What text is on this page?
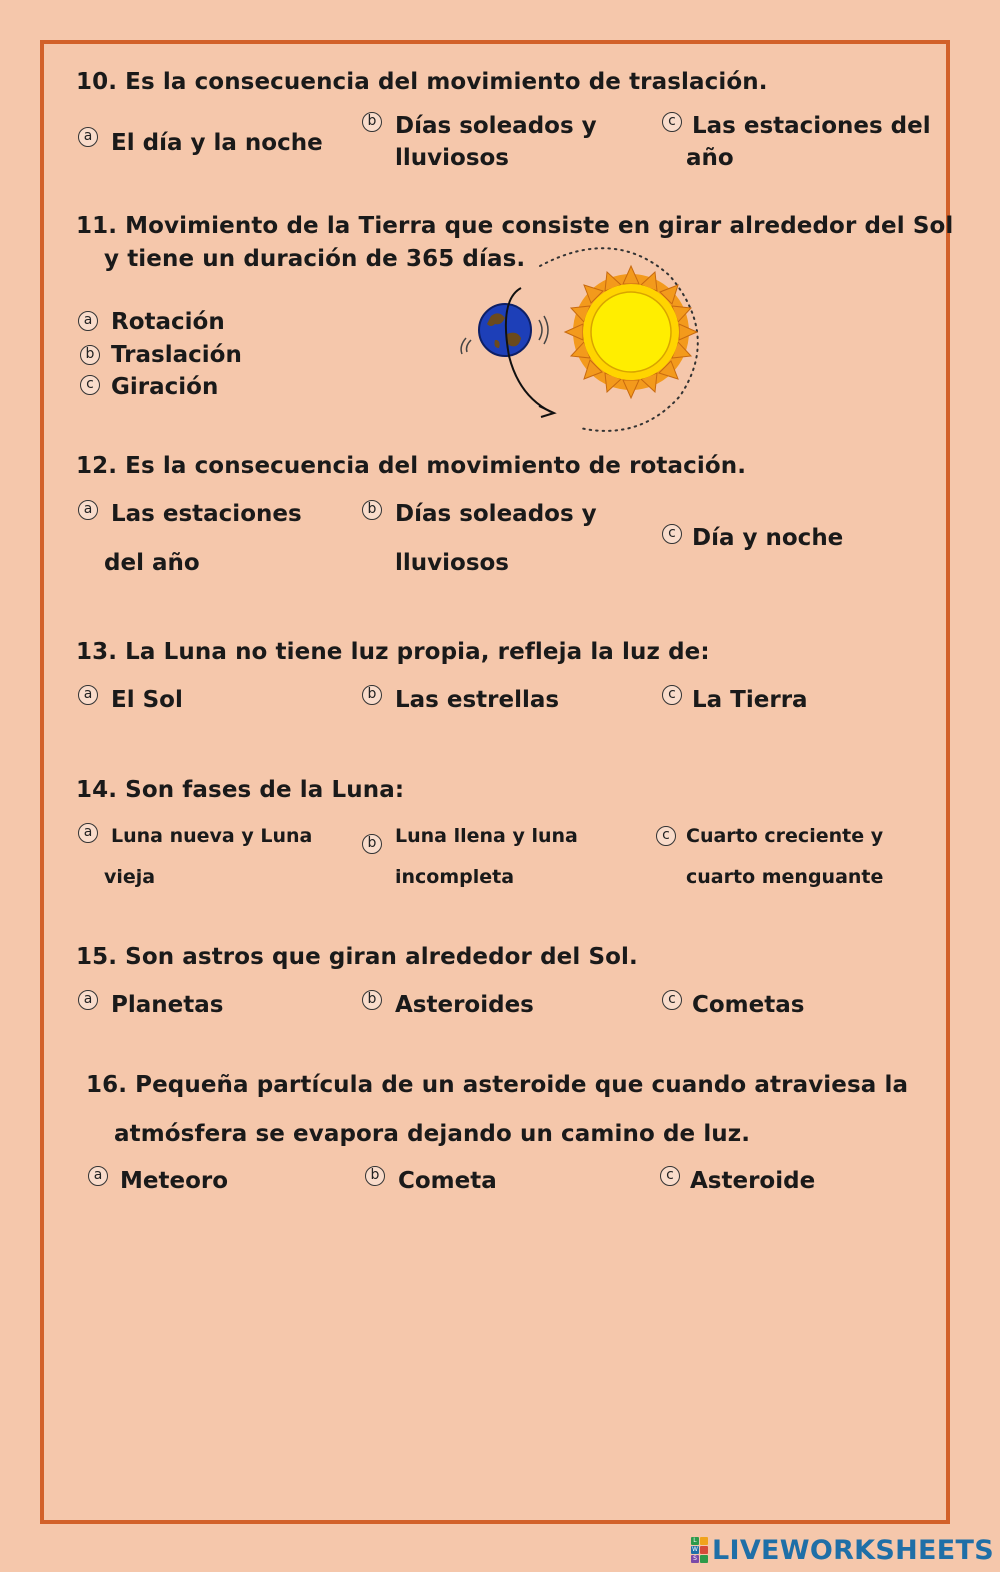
10. Es la consecuencia del movimiento de traslación.
a El día y la noche
b Días soleados y
lluviosos
c Las estaciones del
año
11. Movimiento de la Tierra que consiste en girar alrededor del Sol
y tiene un duración de 365 días.
a Rotación
b Traslación
c Giración
12. Es la consecuencia del movimiento de rotación.
a Las estaciones
del año
b Días soleados y
lluviosos
c Día y noche
13. La Luna no tiene luz propia, refleja la luz de:
a El Sol	b Las estrellas	c La Tierra
14. Son fases de la Luna:
a Luna nueva y Luna
vieja
b Luna llena y luna
incompleta
c Cuarto creciente y
cuarto menguante
15. Son astros que giran alrededor del Sol.
a Planetas	b Asteroides	c Cometas
16. Pequeña partícula de un asteroide que cuando atraviesa la
atmósfera se evapora dejando un camino de luz.
a Meteoro	b Cometa	c Asteroide
L
W
S LIVEWORKSHEETS
